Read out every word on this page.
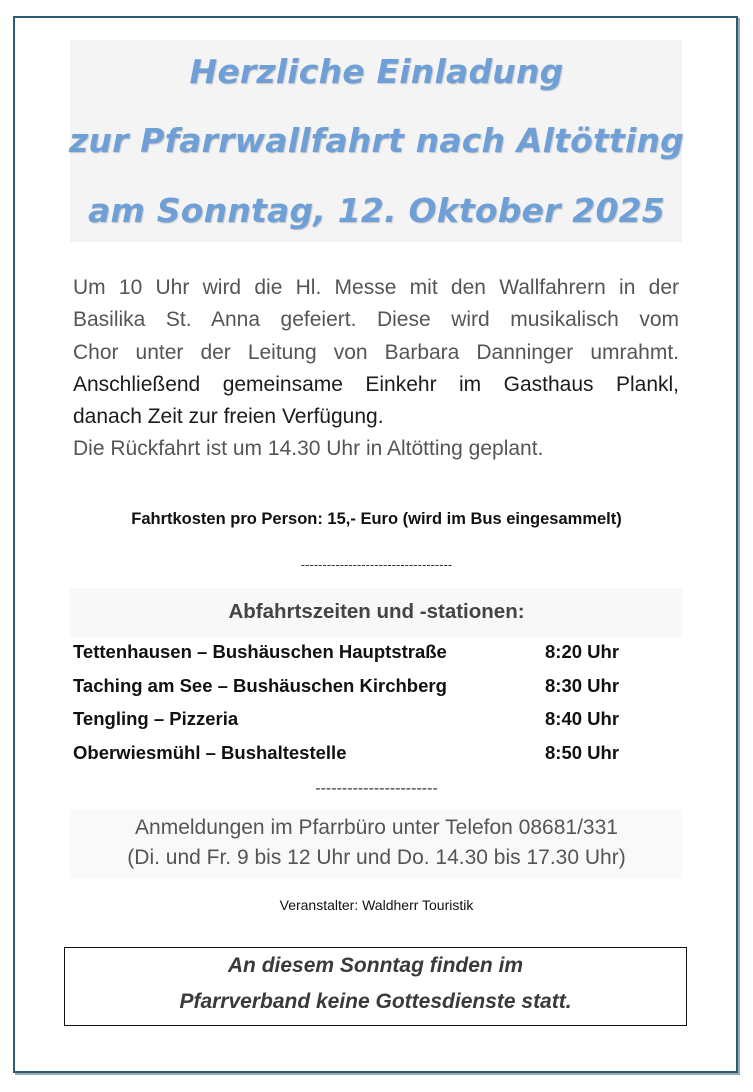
Herzliche Einladung
zur Pfarrwallfahrt nach Altötting
am Sonntag, 12. Oktober 2025
Um 10 Uhr wird die Hl. Messe mit den Wallfahrern in der
Basilika St. Anna gefeiert. Diese wird musikalisch vom
Chor unter der Leitung von Barbara Danninger umrahmt.
Anschließend gemeinsame Einkehr im Gasthaus Plankl,
danach Zeit zur freien Verfügung.
Die Rückfahrt ist um 14.30 Uhr in Altötting geplant.
Fahrtkosten pro Person: 15,- Euro (wird im Bus eingesammelt)
-----------------------------------
Abfahrtszeiten und -stationen:
Tettenhausen – Bushäuschen Hauptstraße	8:20 Uhr
Taching am See – Bushäuschen Kirchberg	8:30 Uhr
Tengling – Pizzeria	8:40 Uhr
Oberwiesmühl – Bushaltestelle	8:50 Uhr
-----------------------
Anmeldungen im Pfarrbüro unter Telefon 08681/331
(Di. und Fr. 9 bis 12 Uhr und Do. 14.30 bis 17.30 Uhr)
Veranstalter: Waldherr Touristik
An diesem Sonntag finden im
Pfarrverband keine Gottesdienste statt.
